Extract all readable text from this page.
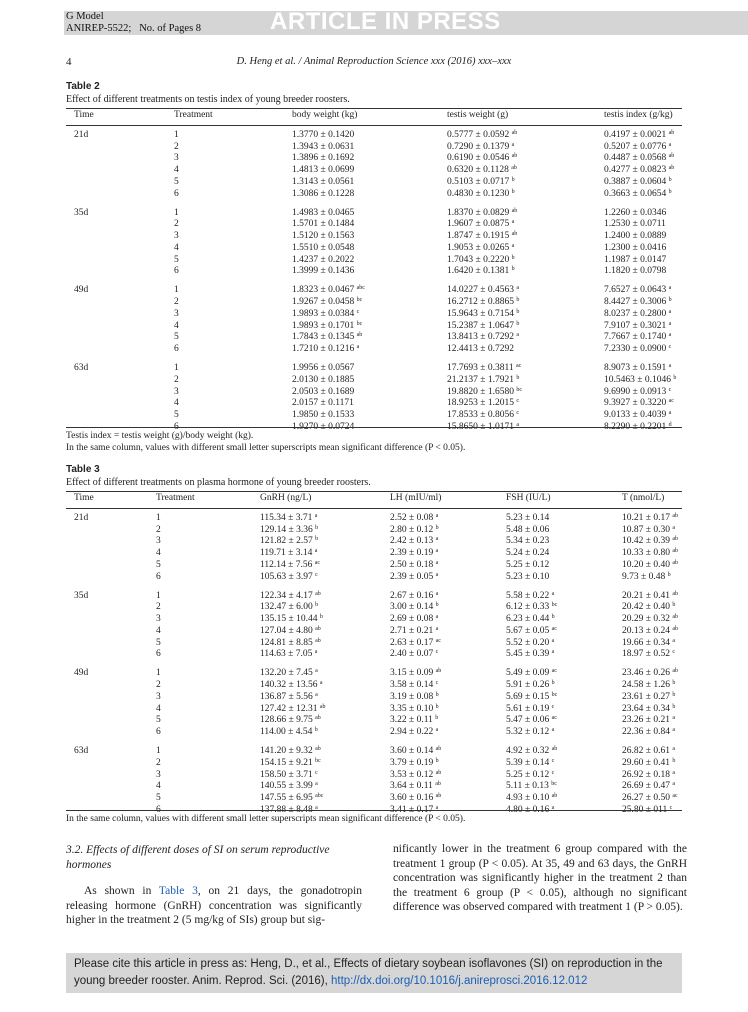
G Model
ANIREP-5522; No. of Pages 8	ARTICLE IN PRESS
4	D. Heng et al. / Animal Reproduction Science xxx (2016) xxx–xxx
Table 2
Effect of different treatments on testis index of young breeder roosters.
Time	Treatment	body weight (kg)	testis weight (g)	testis index (g/kg)
21d	1	1.3770 ± 0.1420	0.5777 ± 0.0592 $^{ab}$	0.4197 ± 0.0021 $^{ab}$
2	1.3943 ± 0.0631	0.7290 ± 0.1379 $^a$	0.5207 ± 0.0776 $^a$
3	1.3896 ± 0.1692	0.6190 ± 0.0546 $^{ab}$	0.4487 ± 0.0568 $^{ab}$
4	1.4813 ± 0.0699	0.6320 ± 0.1128 $^{ab}$	0.4277 ± 0.0823 $^{ab}$
5	1.3143 ± 0.0561	0.5103 ± 0.0717 $^b$	0.3887 ± 0.0604 $^b$
6	1.3086 ± 0.1228	0.4830 ± 0.1230 $^b$	0.3663 ± 0.0654 $^b$
35d	1	1.4983 ± 0.0465	1.8370 ± 0.0829 $^{ab}$	1.2260 ± 0.0346
2	1.5701 ± 0.1484	1.9607 ± 0.0875 $^a$	1.2530 ± 0.0711
3	1.5120 ± 0.1563	1.8747 ± 0.1915 $^{ab}$	1.2400 ± 0.0889
4	1.5510 ± 0.0548	1.9053 ± 0.0265 $^a$	1.2300 ± 0.0416
5	1.4237 ± 0.2022	1.7043 ± 0.2220 $^b$	1.1987 ± 0.0147
6	1.3999 ± 0.1436	1.6420 ± 0.1381 $^b$	1.1820 ± 0.0798
49d	1	1.8323 ± 0.0467 $^{abc}$	14.0227 ± 0.4563 $^a$	7.6527 ± 0.0643 $^a$
2	1.9267 ± 0.0458 $^{bc}$	16.2712 ± 0.8865 $^b$	8.4427 ± 0.3006 $^b$
3	1.9893 ± 0.0384 $^c$	15.9643 ± 0.7154 $^b$	8.0237 ± 0.2800 $^a$
4	1.9893 ± 0.1701 $^{bc}$	15.2387 ± 1.0647 $^b$	7.9107 ± 0.3021 $^a$
5	1.7843 ± 0.1345 $^{ab}$	13.8413 ± 0.7292 $^a$	7.7667 ± 0.1740 $^a$
6	1.7210 ± 0.1216 $^a$	12.4413 ± 0.7292	7.2330 ± 0.0900 $^c$
63d	1	1.9956 ± 0.0567	17.7693 ± 0.3811 $^{ac}$	8.9073 ± 0.1591 $^a$
2	2.0130 ± 0.1885	21.2137 ± 1.7921 $^b$	10.5463 ± 0.1046 $^b$
3	2.0503 ± 0.1689	19.8820 ± 1.6580 $^{bc}$	9.6990 ± 0.0913 $^c$
4	2.0157 ± 0.1171	18.9253 ± 1.2015 $^c$	9.3927 ± 0.3220 $^{ac}$
5	1.9850 ± 0.1533	17.8533 ± 0.8056 $^c$	9.0133 ± 0.4039 $^a$
6	1.9270 ± 0.0724	15.8650 ± 1.0171 $^a$	8.2290 ± 0.2201 $^d$
Testis index = testis weight (g)/body weight (kg).
In the same column, values with different small letter superscripts mean significant difference (P < 0.05).
Table 3
Effect of different treatments on plasma hormone of young breeder roosters.
Time	Treatment	GnRH (ng/L)	LH (mIU/ml)	FSH (IU/L)	T (nmol/L)
21d	1	115.34 ± 3.71 $^a$	2.52 ± 0.08 $^a$	5.23 ± 0.14	10.21 ± 0.17 $^{ab}$
2	129.14 ± 3.36 $^b$	2.80 ± 0.12 $^b$	5.48 ± 0.06	10.87 ± 0.30 $^a$
3	121.82 ± 2.57 $^b$	2.42 ± 0.13 $^a$	5.34 ± 0.23	10.42 ± 0.39 $^{ab}$
4	119.71 ± 3.14 $^a$	2.39 ± 0.19 $^a$	5.24 ± 0.24	10.33 ± 0.80 $^{ab}$
5	112.14 ± 7.56 $^{ac}$	2.50 ± 0.18 $^a$	5.25 ± 0.12	10.20 ± 0.40 $^{ab}$
6	105.63 ± 3.97 $^c$	2.39 ± 0.05 $^a$	5.23 ± 0.10	9.73 ± 0.48 $^b$
35d	1	122.34 ± 4.17 $^{ab}$	2.67 ± 0.16 $^a$	5.58 ± 0.22 $^a$	20.21 ± 0.41 $^{ab}$
2	132.47 ± 6.00 $^b$	3.00 ± 0.14 $^b$	6.12 ± 0.33 $^{bc}$	20.42 ± 0.40 $^b$
3	135.15 ± 10.44 $^b$	2.69 ± 0.08 $^a$	6.23 ± 0.44 $^b$	20.29 ± 0.32 $^{ab}$
4	127.04 ± 4.80 $^{ab}$	2.71 ± 0.21 $^a$	5.67 ± 0.05 $^{ac}$	20.13 ± 0.24 $^{ab}$
5	124.81 ± 8.85 $^{ab}$	2.63 ± 0.17 $^{ac}$	5.52 ± 0.20 $^a$	19.66 ± 0.34 $^a$
6	114.63 ± 7.05 $^a$	2.40 ± 0.07 $^c$	5.45 ± 0.39 $^a$	18.97 ± 0.52 $^c$
49d	1	132.20 ± 7.45 $^a$	3.15 ± 0.09 $^{ab}$	5.49 ± 0.09 $^{ac}$	23.46 ± 0.26 $^{ab}$
2	140.32 ± 13.56 $^a$	3.58 ± 0.14 $^c$	5.91 ± 0.26 $^b$	24.58 ± 1.26 $^b$
3	136.87 ± 5.56 $^a$	3.19 ± 0.08 $^b$	5.69 ± 0.15 $^{bc}$	23.61 ± 0.27 $^b$
4	127.42 ± 12.31 $^{ab}$	3.35 ± 0.10 $^b$	5.61 ± 0.19 $^c$	23.64 ± 0.34 $^b$
5	128.66 ± 9.75 $^{ab}$	3.22 ± 0.11 $^b$	5.47 ± 0.06 $^{ac}$	23.26 ± 0.21 $^a$
6	114.00 ± 4.54 $^b$	2.94 ± 0.22 $^a$	5.32 ± 0.12 $^a$	22.36 ± 0.84 $^a$
63d	1	141.20 ± 9.32 $^{ab}$	3.60 ± 0.14 $^{ab}$	4.92 ± 0.32 $^{ab}$	26.82 ± 0.61 $^a$
2	154.15 ± 9.21 $^{bc}$	3.79 ± 0.19 $^b$	5.39 ± 0.14 $^c$	29.60 ± 0.41 $^b$
3	158.50 ± 3.71 $^c$	3.53 ± 0.12 $^{ab}$	5.25 ± 0.12 $^c$	26.92 ± 0.18 $^a$
4	140.55 ± 3.99 $^a$	3.64 ± 0.11 $^{ab}$	5.11 ± 0.13 $^{bc}$	26.69 ± 0.47 $^a$
5	147.55 ± 6.95 $^{abc}$	3.60 ± 0.16 $^{ab}$	4.93 ± 0.10 $^{ab}$	26.27 ± 0.50 $^{ac}$
6	137.88 ± 8.48 $^a$	3.41 ± 0.17 $^a$	4.80 ± 0.16 $^a$	25.80 ± 011 $^c$
In the same column, values with different small letter superscripts mean significant difference (P < 0.05).
3.2. Effects of different doses of SI on serum reproductive hormones
As shown in Table 3, on 21 days, the gonadotropin releasing hormone (GnRH) concentration was significantly higher in the treatment 2 (5 mg/kg of SIs) group but sig-
nificantly lower in the treatment 6 group compared with the treatment 1 group (P < 0.05). At 35, 49 and 63 days, the GnRH concentration was significantly higher in the treatment 2 than the treatment 6 group (P < 0.05), although no significant difference was observed compared with treatment 1 (P > 0.05).
Please cite this article in press as: Heng, D., et al., Effects of dietary soybean isoflavones (SI) on reproduction in the young breeder rooster. Anim. Reprod. Sci. (2016), http://dx.doi.org/10.1016/j.anireprosci.2016.12.012
